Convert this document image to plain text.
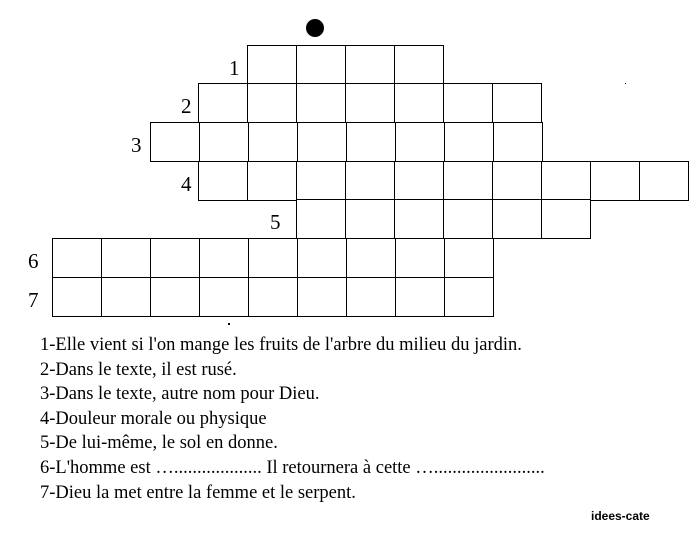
1
2
3
4
5
6
7
1-Elle vient si l'on mange les fruits de l'arbre du milieu du jardin.
2-Dans le texte, il est rusé.
3-Dans le texte, autre nom pour Dieu.
4-Douleur morale ou physique
5-De lui-même, le sol en donne.
6-L'homme est …................... Il retournera à cette …........................
7-Dieu la met entre la femme et le serpent.
idees-cate
